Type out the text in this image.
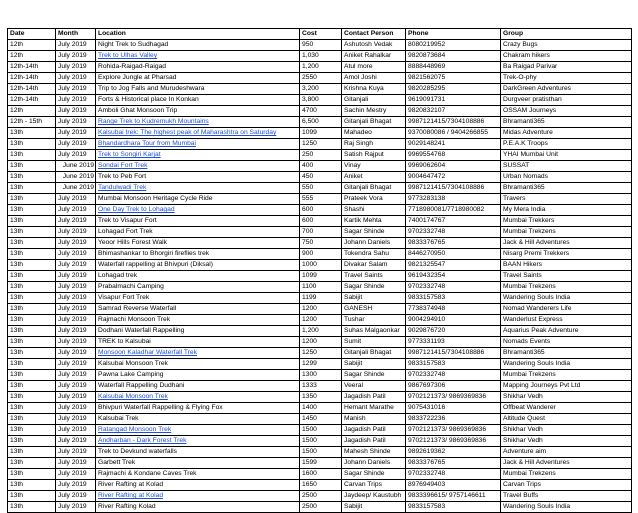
Date	Month	Location	Cost	Contact Person	Phone	Group
12th	July 2019	Night Trek to Sudhagad	950	Ashutosh Vedak	8080219952	Crazy Bugs
12th	July 2019	Trek to Ulhas Valley	1,030	Aniket Rahalkar	9820873684	Chakram hikers
12th-14th	July 2019	Rohida-Raigad-Raigad	1,200	Atul more	8888448969	Ba Raigad Parivar
12th-14th	July 2019	Explore Jungle at Pharsad	2550	Amol Joshi	9821562075	Trek-O-phy
12th-14th	July 2019	Trip to Jog Falls and Murudeshwara	3,200	Krishna Kuya	9820285295	DarkGreen Adventures
12th-14th	July 2019	Forts & Historical place In Konkan	3,800	Gitanjali	9619091731	Durgveer pratisthan
12th	July 2019	Amboli Ghat Monsoon Trip	4700	Sachin Mestry	9820832107	OSSAM Journeys
12th - 15th	July 2019	Range Trek to Kudremukh Mountains	6,500	Gitanjali Bhagat	9987121415/7304108886	Bhramanti365
13th	July 2019	Kalsubai trek: The highest peak of Maharashtra on Saturday	1099	Mahadeo	9370080086 / 9404266855	Midas Adventure
13th	July 2019	Bhandardhara Tour from Mumbai	1250	Raj Singh	9029148241	P.E.A.K Troops
13th	July 2019	Trek to Songiri Karjat	250	Satish Rajput	9969554768	YHAI Mumbai Unit
13th	June 2019	Sondai Fort Trek	400	Vinay	9969062604	SUSSAT
13th	June 2019	Trek to Peb Fort	450	Aniket	9004647472	Urban Nomads
13th	June 2019	Tandulwadi Trek	550	Gitanjali Bhagat	9987121415/7304108886	Bhramanti365
13th	July 2019	Mumbai Monsoon Heritage Cycle Ride	555	Prateek Vora	9773283138	Travers
13th	July 2019	One Day Trek to Lohagad	600	Shashi	7718980081/7718980082	My Mera India
13th	July 2019	Trek to Visapur Fort	600	Kartik Mehta	7400174767	Mumbai Trekkers
13th	July 2019	Lohagad Fort Trek	700	Sagar Shinde	9702332748	Mumbai Trekzens
13th	July 2019	Yeoor Hills Forest Walk	750	Johann Daniels	9833376765	Jack & Hill Adventures
13th	July 2019	Bhimashankar to Bhorgiri fireflies trek	900	Tokendra Sahu	8446270950	Nisarg Premi Trekkers
13th	July 2019	Waterfall rappelling at Bhivpuri (Diksal)	1000	Divakar Salam	9821325547	BAAN Hikers
13th	July 2019	Lohagad trek	1099	Travel Saints	9619432354	Travel Saints
13th	July 2019	Prabalmachi Camping	1100	Sagar Shinde	9702332748	Mumbai Trekzens
13th	July 2019	Visapur Fort Trek	1199	Sabijit	9833157583	Wandering Souls India
13th	July 2019	Samrad Reverse Waterfall	1200	GANESH	7738374948	Nomad Wanderers Life
13th	July 2019	Rajmachi Monsoon Trek	1200	Tushar	9004294910	Wanderlust Express
13th	July 2019	Dodhani Waterfall Rappelling	1,200	Suhas Malgaonkar	9029876720	Aquarius Peak Adventure
13th	July 2019	TREK to Kalsubai	1200	Sumit	9773331193	Nomads Events
13th	July 2019	Monsoon Kaladhar Waterfall Trek	1250	Gitanjali Bhagat	9987121415/7304108886	Bhramanti365
13th	July 2019	Kalsubai Monsoon Trek	1299	Sabijit	9833157583	Wandering Souls India
13th	July 2019	Pawna Lake Camping	1300	Sagar Shinde	9702332748	Mumbai Trekzens
13th	July 2019	Waterfall Rappelling Dudhani	1333	Veeral	9867697306	Mapping Journeys Pvt Ltd
13th	July 2019	Kalsubai Monsoon Trek	1350	Jagadish Patil	9702121373/ 9869369836	Shikhar Vedh
13th	July 2019	Bhivpuri Waterfall Rappelling & Flying Fox	1400	Hemant Marathe	9075431016	Offbeat Wanderer
13th	July 2019	Kalsubai Trek	1450	Manish	9833722236	Altitude Quest
13th	July 2019	Ratangad Monsoon Trek	1500	Jagadish Patil	9702121373/ 9869369836	Shikhar Vedh
13th	July 2019	Andharban - Dark Forest Trek	1500	Jagadish Patil	9702121373/ 9869369836	Shikhar Vedh
13th	July 2019	Trek to Devkund waterfalls	1500	Mahesh Shinde	9892619362	Adventure aim
13th	July 2019	Garbett Trek	1599	Johann Daniels	9833376765	Jack & Hill Adventures
13th	July 2019	Rajmachi & Kondane Caves Trek	1600	Sagar Shinde	9702332748	Mumbai Trekzens
13th	July 2019	River Rafting at Kolad	1650	Carvan Trips	8976949403	Carvan Trips
13th	July 2019	River Rafting at Kolad	2500	Jaydeep/ Kaustubh	9833396615/ 9757146611	Travel Buffs
13th	July 2019	River Rafting Kolad	2500	Sabijit	9833157583	Wandering Souls India
